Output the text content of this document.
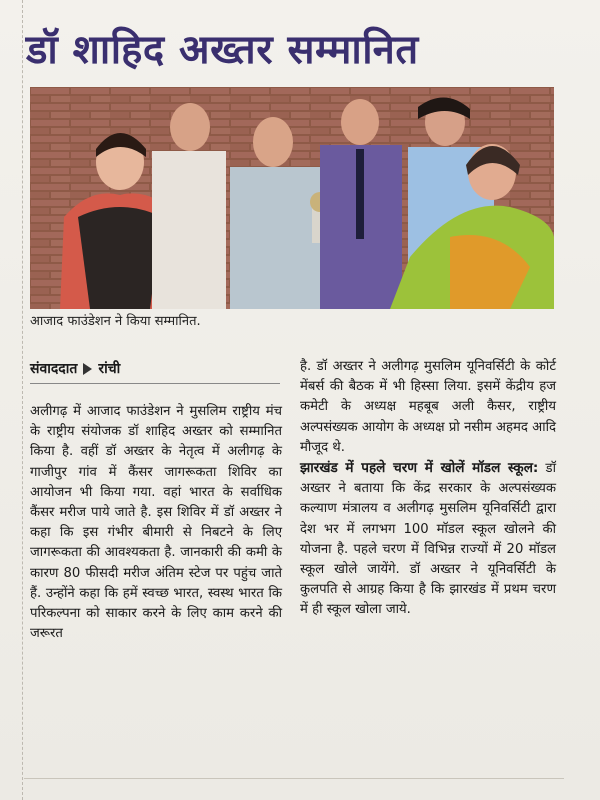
डॉ शाहिद अख्तर सम्मानित
आजाद फाउंडेशन ने किया सम्मानित.
संवाददात रांची

अलीगढ़ में आजाद फाउंडेशन ने मुसलिम राष्ट्रीय मंच के राष्ट्रीय संयोजक डॉ शाहिद अख्तर को सम्मानित किया है. वहीं डॉ अख्तर के नेतृत्व में अलीगढ़ के गाजीपुर गांव में कैंसर जागरूकता शिविर का आयोजन भी किया गया. वहां भारत के सर्वाधिक कैंसर मरीज पाये जाते है. इस शिविर में डॉ अख्तर ने कहा कि इस गंभीर बीमारी से निबटने के लिए जागरूकता की आवश्यकता है. जानकारी की कमी के कारण 80 फीसदी मरीज अंतिम स्टेज पर पहुंच जाते हैं. उन्होंने कहा कि हमें स्वच्छ भारत, स्वस्थ भारत कि परिकल्पना को साकार करने के लिए काम करने की जरूरत

है. डॉ अख्तर ने अलीगढ़ मुसलिम यूनिवर्सिटी के कोर्ट मेंबर्स की बैठक में भी हिस्सा लिया. इसमें केंद्रीय हज कमेटी के अध्यक्ष महबूब अली कैसर, राष्ट्रीय अल्पसंख्यक आयोग के अध्यक्ष प्रो नसीम अहमद आदि मौजूद थे.

झारखंड में पहले चरण में खोलें मॉडल स्कूल: डॉ अख्तर ने बताया कि केंद्र सरकार के अल्पसंख्यक कल्याण मंत्रालय व अलीगढ़ मुसलिम यूनिवर्सिटी द्वारा देश भर में लगभग 100 मॉडल स्कूल खोलने की योजना है. पहले चरण में विभिन्न राज्यों में 20 मॉडल स्कूल खोले जायेंगे. डॉ अख्तर ने यूनिवर्सिटी के कुलपति से आग्रह किया है कि झारखंड में प्रथम चरण में ही स्कूल खोला जाये.
